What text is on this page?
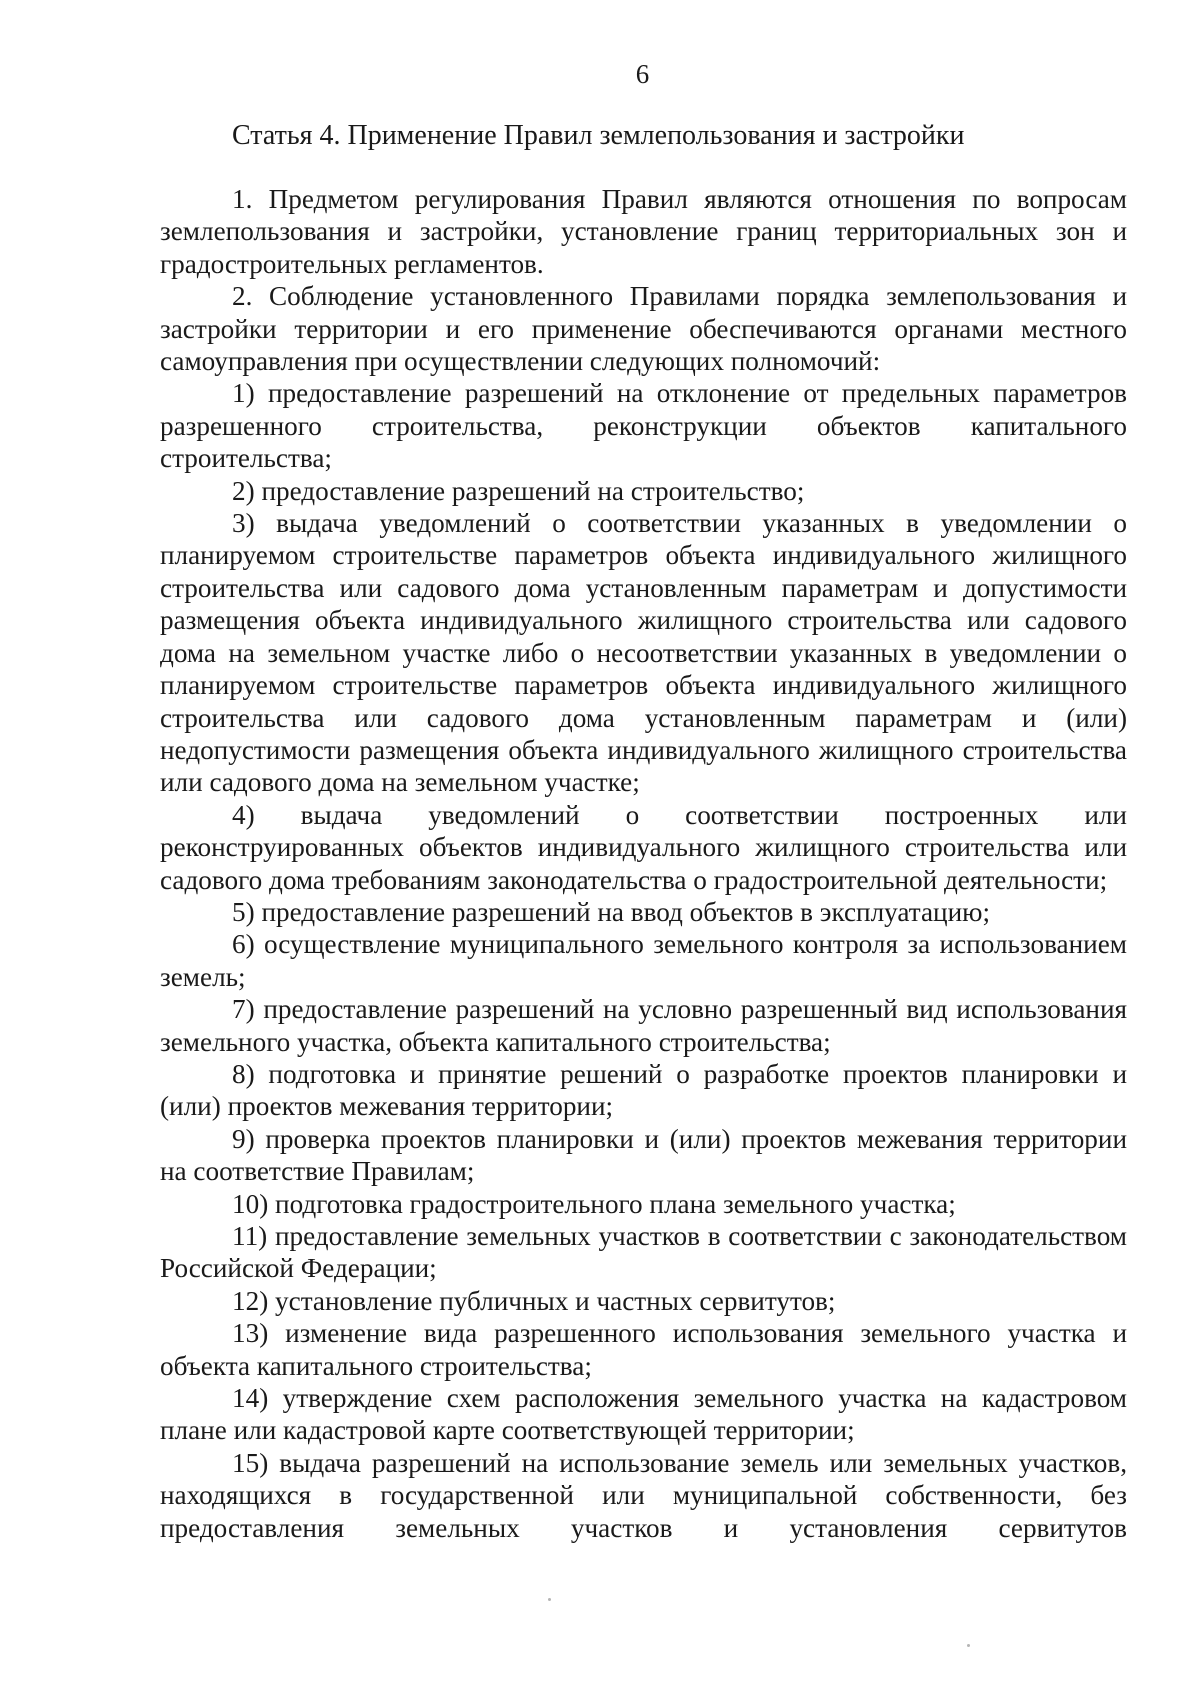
6
Статья 4. Применение Правил землепользования и застройки

1. Предметом регулирования Правил являются отношения по вопросам землепользования и застройки, установление границ территориальных зон и градостроительных регламентов.

2. Соблюдение установленного Правилами порядка землепользования и застройки территории и его применение обеспечиваются органами местного самоуправления при осуществлении следующих полномочий:

1) предоставление разрешений на отклонение от предельных параметров разрешенного строительства, реконструкции объектов капитального строительства;

2) предоставление разрешений на строительство;

3) выдача уведомлений о соответствии указанных в уведомлении о планируемом строительстве параметров объекта индивидуального жилищного строительства или садового дома установленным параметрам и допустимости размещения объекта индивидуального жилищного строительства или садового дома на земельном участке либо о несоответствии указанных в уведомлении о планируемом строительстве параметров объекта индивидуального жилищного строительства или садового дома установленным параметрам и (или) недопустимости размещения объекта индивидуального жилищного строительства или садового дома на земельном участке;

4) выдача уведомлений о соответствии построенных или реконструированных объектов индивидуального жилищного строительства или садового дома требованиям законодательства о градостроительной деятельности;

5) предоставление разрешений на ввод объектов в эксплуатацию;

6) осуществление муниципального земельного контроля за использованием земель;

7) предоставление разрешений на условно разрешенный вид использования земельного участка, объекта капитального строительства;

8) подготовка и принятие решений о разработке проектов планировки и (или) проектов межевания территории;

9) проверка проектов планировки и (или) проектов межевания территории на соответствие Правилам;

10) подготовка градостроительного плана земельного участка;

11) предоставление земельных участков в соответствии с законодательством Российской Федерации;

12) установление публичных и частных сервитутов;

13) изменение вида разрешенного использования земельного участка и объекта капитального строительства;

14) утверждение схем расположения земельного участка на кадастровом плане или кадастровой карте соответствующей территории;

15) выдача разрешений на использование земель или земельных участков, находящихся в государственной или муниципальной собственности, без предоставления земельных участков и установления сервитутов
